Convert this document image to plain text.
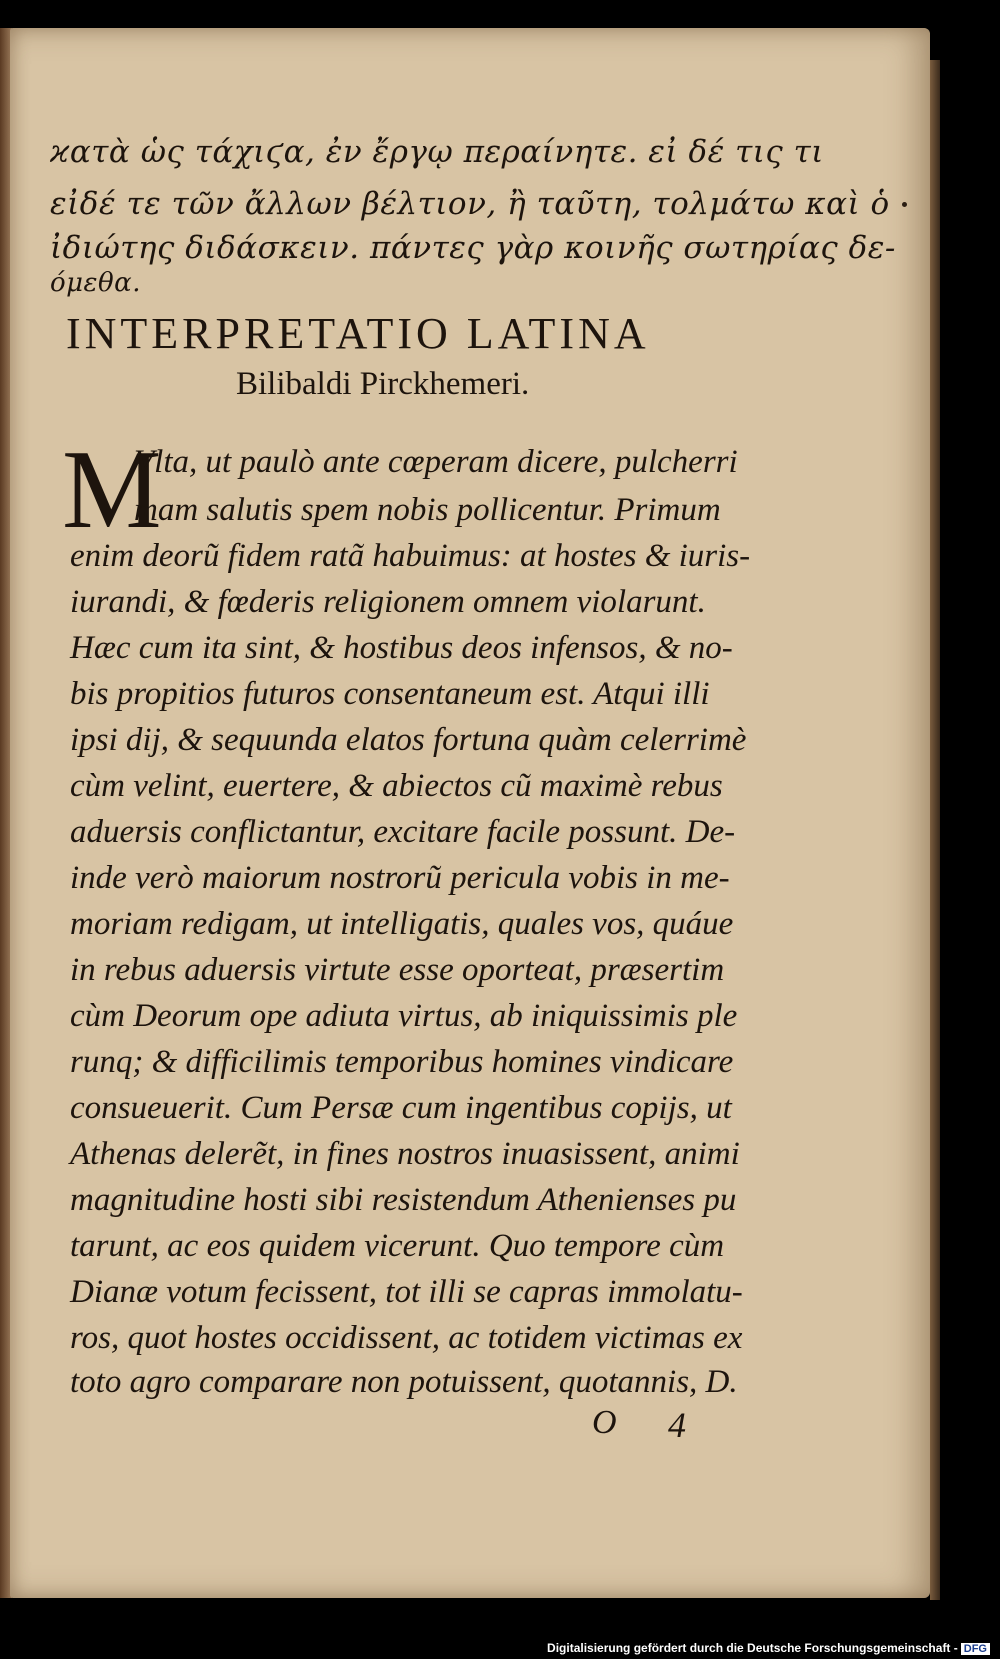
ϰατὰ ὡς τάχιϛα, ἐν ἔργῳ περαίνητε. εἰ δέ τις τι
εἰδέ τε τῶν ἄλλων βέλτιον, ἢ ταῦτη, τολμάτω καὶ ὁ
ἰδιώτης διδάσκειν. πάντες γὰρ κοινῆς σωτηρίας δε-
όμεθα.
INTERPRETATIO LATINA
Bilibaldi Pirckhemeri.
M
Vlta, ut paulò ante cœperam dicere, pulcherri
mam salutis spem nobis pollicentur. Primum
enim deorũ fidem ratã habuimus: at hostes & iuris-
iurandi, & fœderis religionem omnem violarunt.
Hæc cum ita sint, & hostibus deos infensos, & no-
bis propitios futuros consentaneum est. Atqui illi
ipsi dij, & sequunda elatos fortuna quàm celerrimè
cùm velint, euertere, & abiectos cũ maximè rebus
aduersis conflictantur, excitare facile possunt. De-
inde verò maiorum nostrorũ pericula vobis in me-
moriam redigam, ut intelligatis, quales vos, quáue
in rebus aduersis virtute esse oporteat, præsertim
cùm Deorum ope adiuta virtus, ab iniquissimis ple
runq; & difficilimis temporibus homines vindicare
consueuerit. Cum Persæ cum ingentibus copijs, ut
Athenas delerẽt, in fines nostros inuasissent, animi
magnitudine hosti sibi resistendum Athenienses pu
tarunt, ac eos quidem vicerunt. Quo tempore cùm
Dianæ votum fecissent, tot illi se capras immolatu-
ros, quot hostes occidissent, ac totidem victimas ex
toto agro comparare non potuissent, quotannis, D.
O 4
Digitalisierung gefördert durch die Deutsche Forschungsgemeinschaft - DFG
